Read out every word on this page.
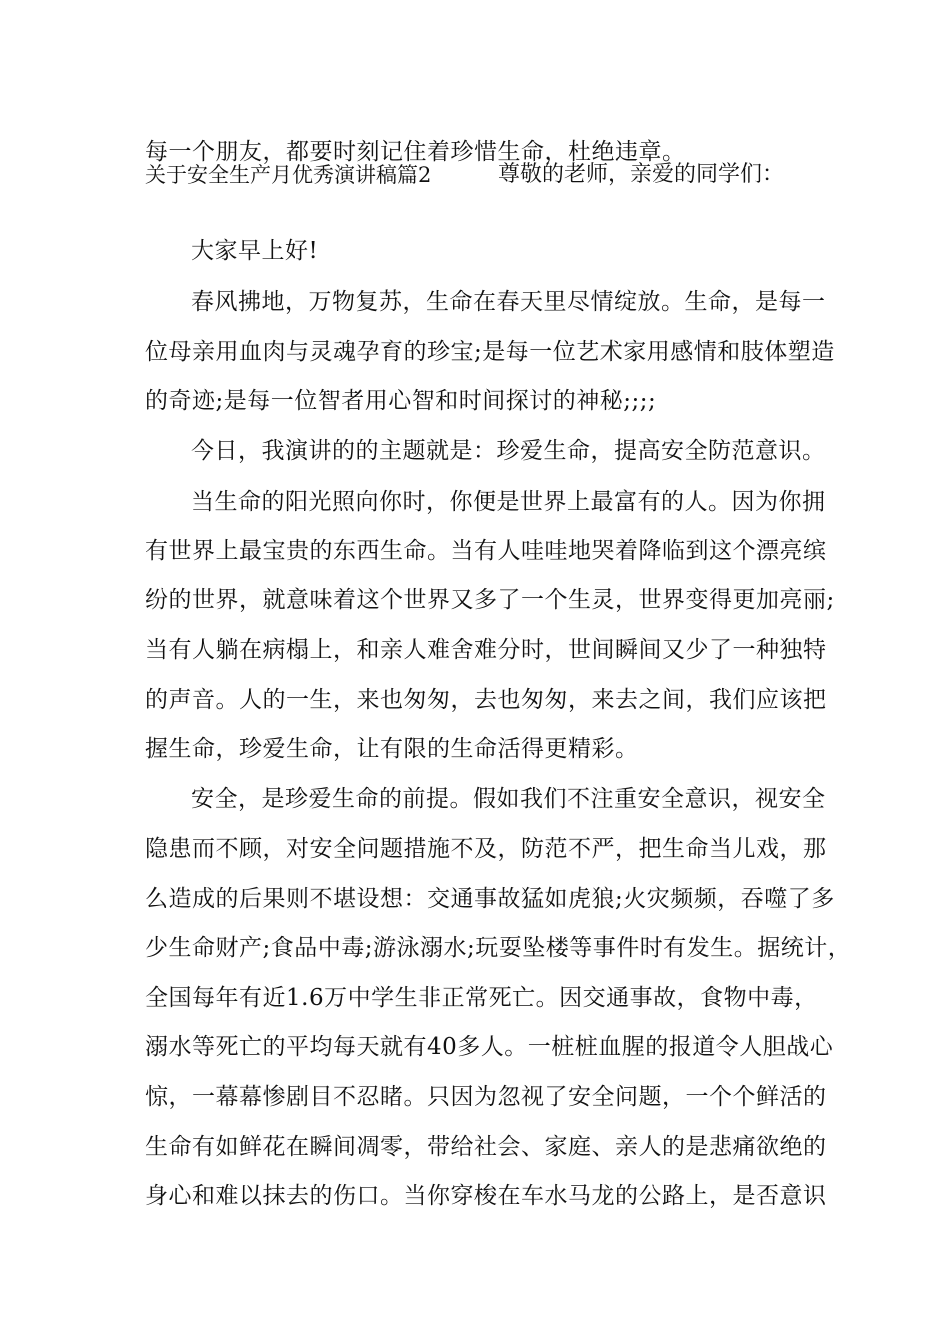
每一个朋友，都要时刻记住着珍惜生命，杜绝违章。
关于安全生产月优秀演讲稿篇2	尊敬的老师，亲爱的同学们：
大家早上好!
春风拂地，万物复苏，生命在春天里尽情绽放。生命，是每一
位母亲用血肉与灵魂孕育的珍宝;是每一位艺术家用感情和肢体塑造
的奇迹;是每一位智者用心智和时间探讨的神秘;;;;
今日，我演讲的的主题就是：珍爱生命，提高安全防范意识。
当生命的阳光照向你时，你便是世界上最富有的人。因为你拥
有世界上最宝贵的东西生命。当有人哇哇地哭着降临到这个漂亮缤
纷的世界，就意味着这个世界又多了一个生灵，世界变得更加亮丽;
当有人躺在病榻上，和亲人难舍难分时，世间瞬间又少了一种独特
的声音。人的一生，来也匆匆，去也匆匆，来去之间，我们应该把
握生命，珍爱生命，让有限的生命活得更精彩。
安全，是珍爱生命的前提。假如我们不注重安全意识，视安全
隐患而不顾，对安全问题措施不及，防范不严，把生命当儿戏，那
么造成的后果则不堪设想：交通事故猛如虎狼;火灾频频，吞噬了多
少生命财产;食品中毒;游泳溺水;玩耍坠楼等事件时有发生。据统计，
全国每年有近1.6万中学生非正常死亡。因交通事故，食物中毒，
溺水等死亡的平均每天就有40多人。一桩桩血腥的报道令人胆战心
惊，一幕幕惨剧目不忍睹。只因为忽视了安全问题，一个个鲜活的
生命有如鲜花在瞬间凋零，带给社会、家庭、亲人的是悲痛欲绝的
身心和难以抹去的伤口。当你穿梭在车水马龙的公路上，是否意识
